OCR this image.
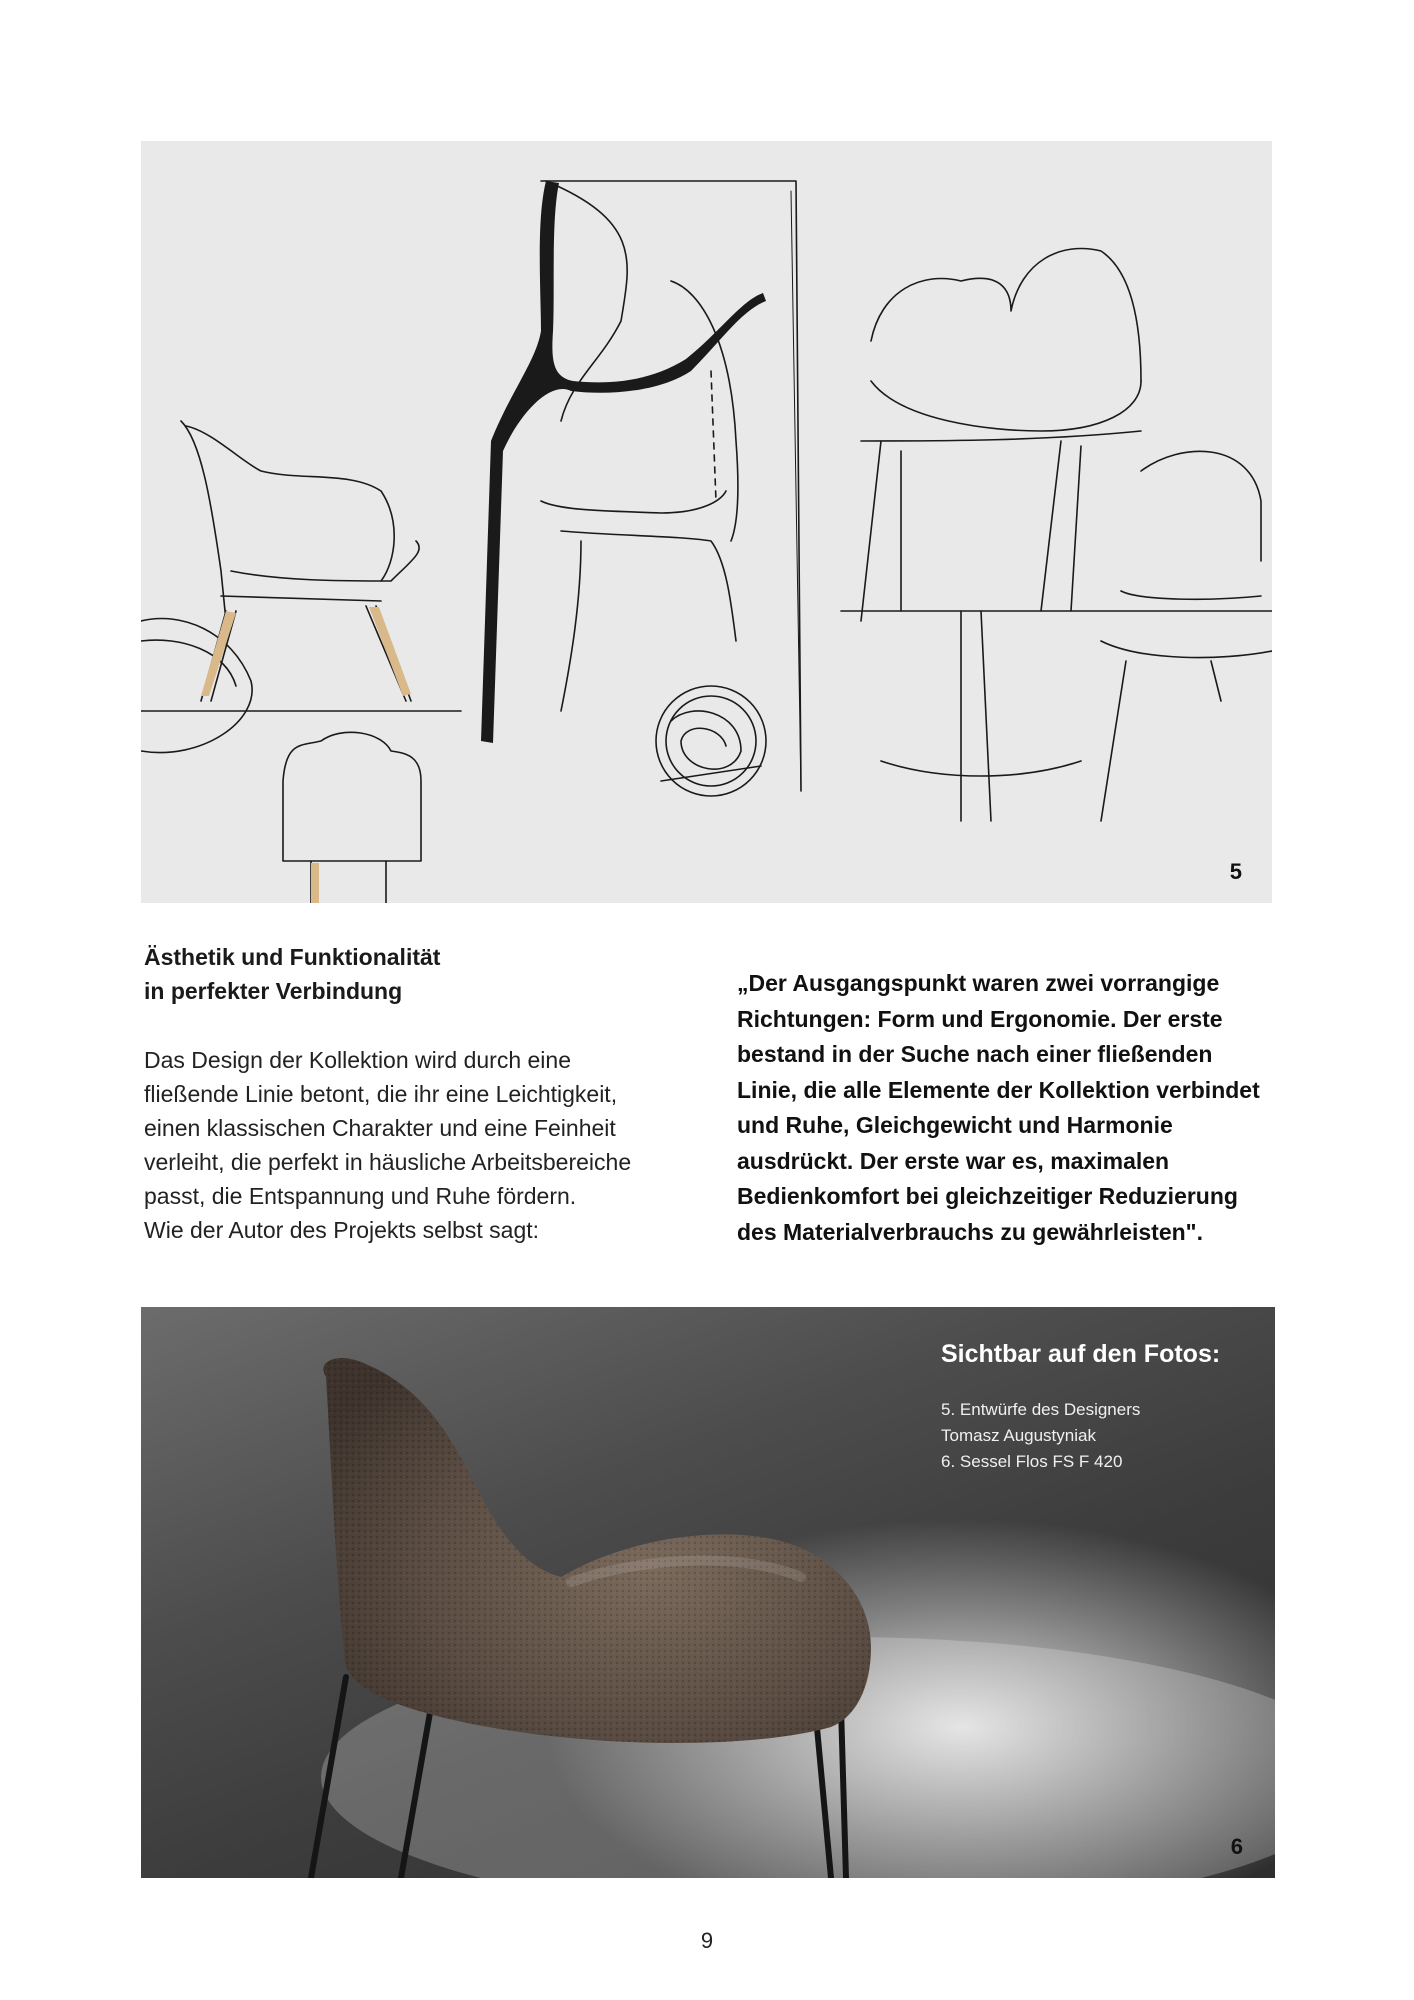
5
Ästhetik und Funktionalität
in perfekter Verbindung

Das Design der Kollektion wird durch eine fließende Linie betont, die ihr eine Leichtigkeit, einen klassischen Charakter und eine Feinheit verleiht, die perfekt in häusliche Arbeitsbereiche passt, die Entspannung und Ruhe fördern.

Wie der Autor des Projekts selbst sagt:

„Der Ausgangspunkt waren zwei vorrangige Richtungen: Form und Ergonomie. Der erste bestand in der Suche nach einer fließenden Linie, die alle Elemente der Kollektion verbindet und Ruhe, Gleichgewicht und Harmonie ausdrückt. Der erste war es, maximalen Bedienkomfort bei gleichzeitiger Reduzierung des Materialverbrauchs zu gewährleisten".
Sichtbar auf den Fotos:
5. Entwürfe des Designers
Tomasz Augustyniak
6. Sessel Flos FS F 420
6
9
